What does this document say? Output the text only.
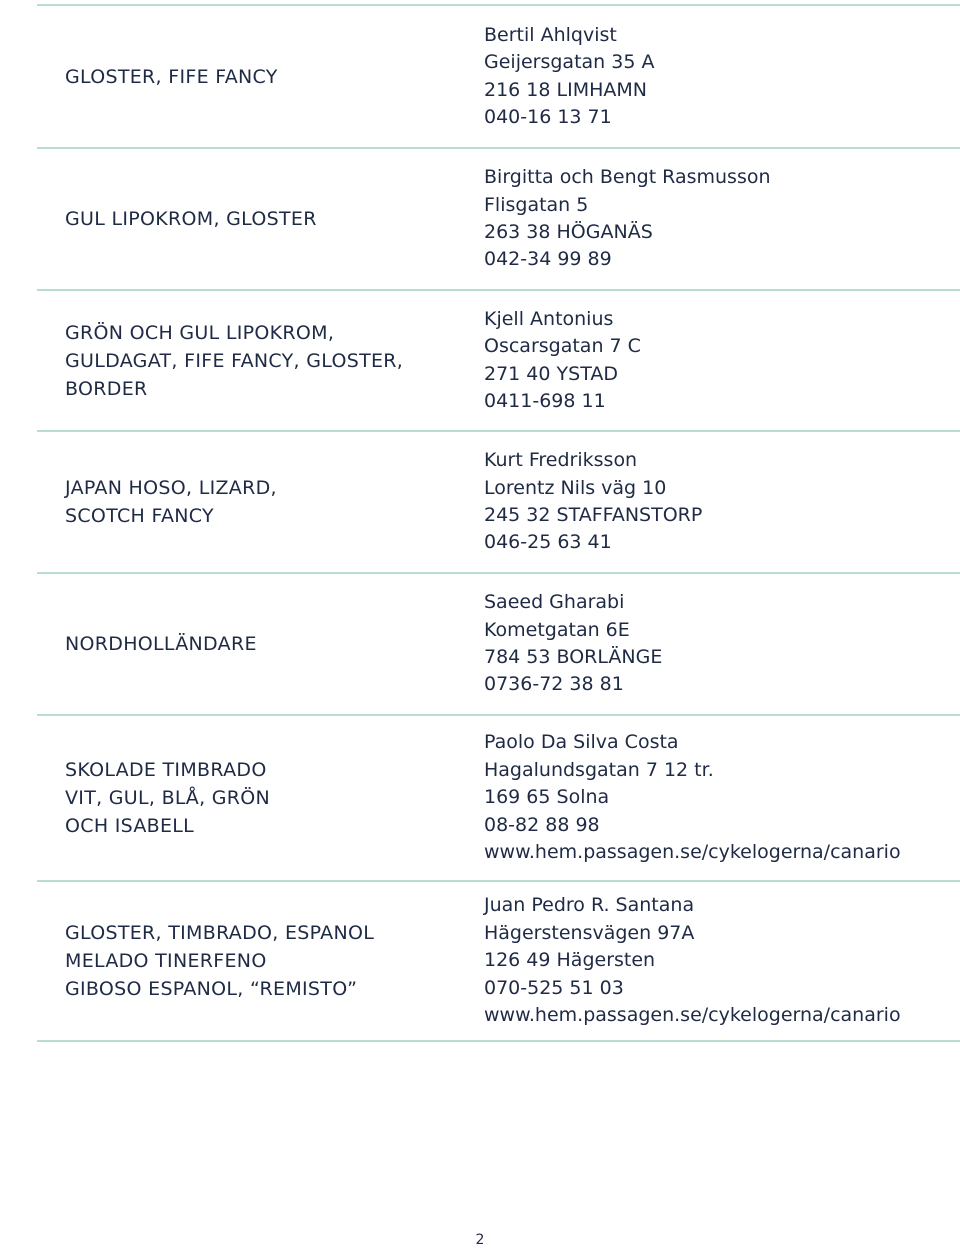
GLOSTER, FIFE FANCY
Bertil Ahlqvist
Geijersgatan 35 A
216 18 LIMHAMN
040-16 13 71
GUL LIPOKROM, GLOSTER
Birgitta och Bengt Rasmusson
Flisgatan 5
263 38 HÖGANÄS
042-34 99 89
GRÖN OCH GUL LIPOKROM,
GULDAGAT, FIFE FANCY, GLOSTER,
BORDER
Kjell Antonius
Oscarsgatan 7 C
271 40 YSTAD
0411-698 11
JAPAN HOSO, LIZARD,
SCOTCH FANCY
Kurt Fredriksson
Lorentz Nils väg 10
245 32 STAFFANSTORP
046-25 63 41
NORDHOLLÄNDARE
Saeed Gharabi
Kometgatan 6E
784 53 BORLÄNGE
0736-72 38 81
SKOLADE TIMBRADO
VIT, GUL, BLÅ, GRÖN
OCH ISABELL
Paolo Da Silva Costa
Hagalundsgatan 7 12 tr.
169 65 Solna
08-82 88 98
www.hem.passagen.se/cykelogerna/canario
GLOSTER, TIMBRADO, ESPANOL
MELADO TINERFENO
GIBOSO ESPANOL, “REMISTO”
Juan Pedro R. Santana
Hägerstensvägen 97A
126 49 Hägersten
070-525 51 03
www.hem.passagen.se/cykelogerna/canario
2
